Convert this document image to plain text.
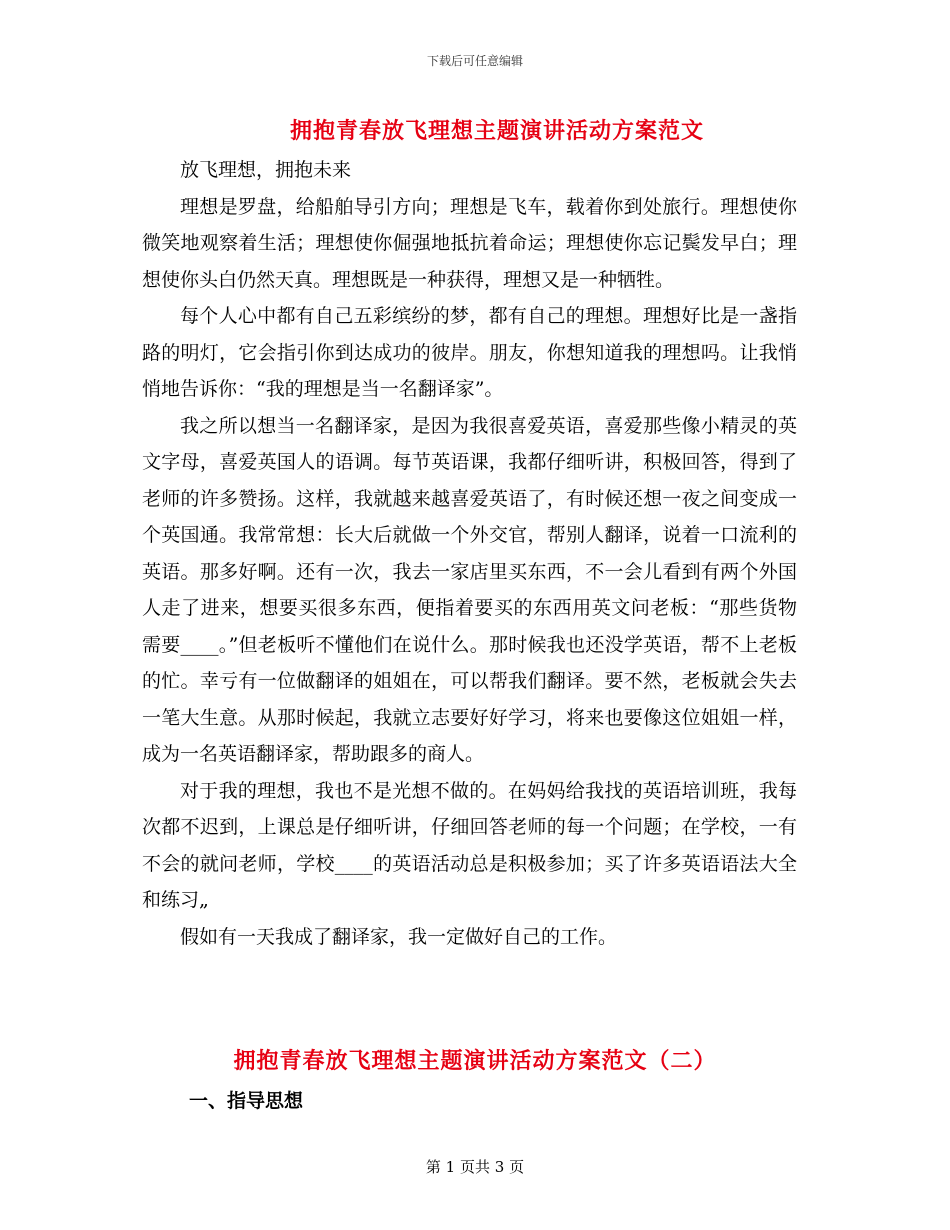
下载后可任意编辑
拥抱青春放飞理想主题演讲活动方案范文

放飞理想，拥抱未来

理想是罗盘，给船舶导引方向；理想是飞车，载着你到处旅行。理想使你微笑地观察着生活；理想使你倔强地抵抗着命运；理想使你忘记鬓发早白；理想使你头白仍然天真。理想既是一种获得，理想又是一种牺牲。

每个人心中都有自己五彩缤纷的梦，都有自己的理想。理想好比是一盏指路的明灯，它会指引你到达成功的彼岸。朋友，你想知道我的理想吗。让我悄悄地告诉你：“我的理想是当一名翻译家”。

我之所以想当一名翻译家，是因为我很喜爱英语，喜爱那些像小精灵的英文字母，喜爱英国人的语调。每节英语课，我都仔细听讲，积极回答，得到了老师的许多赞扬。这样，我就越来越喜爱英语了，有时候还想一夜之间变成一个英国通。我常常想：长大后就做一个外交官，帮别人翻译，说着一口流利的英语。那多好啊。还有一次，我去一家店里买东西，不一会儿看到有两个外国人走了进来，想要买很多东西，便指着要买的东西用英文问老板：“那些货物需要____。”但老板听不懂他们在说什么。那时候我也还没学英语，帮不上老板的忙。幸亏有一位做翻译的姐姐在，可以帮我们翻译。要不然，老板就会失去一笔大生意。从那时候起，我就立志要好好学习，将来也要像这位姐姐一样，成为一名英语翻译家，帮助跟多的商人。

对于我的理想，我也不是光想不做的。在妈妈给我找的英语培训班，我每次都不迟到，上课总是仔细听讲，仔细回答老师的每一个问题；在学校，一有不会的就问老师，学校____的英语活动总是积极参加；买了许多英语语法大全和练习„

假如有一天我成了翻译家，我一定做好自己的工作。

拥抱青春放飞理想主题演讲活动方案范文（二）
一、指导思想
第 1 页共 3 页
